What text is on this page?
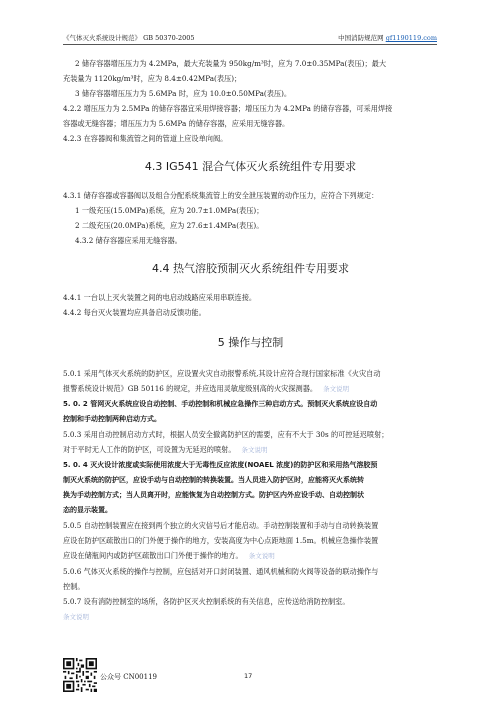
《气体灭火系统设计规范》 GB 50370-2005	中国消防规范网 gf1190119.com

2 储存容器增压压力为 4.2MPa，最大充装量为 950kg/m³时，应为 7.0±0.35MPa(表压)；最大

充装量为 1120kg/m³时，应为 8.4±0.42MPa(表压)；

3 储存容器增压压力为 5.6MPa 时，应为 10.0±0.50MPa(表压)。

4.2.2 增压压力为 2.5MPa 的储存容器宜采用焊接容器；增压压力为 4.2MPa 的储存容器，可采用焊接

容器或无缝容器；增压压力为 5.6MPa 的储存容器，应采用无缝容器。

4.2.3 在容器阀和集流管之间的管道上应设单向阀。

4.3 IG541 混合气体灭火系统组件专用要求

4.3.1 储存容器或容器阀以及组合分配系统集流管上的安全泄压装置的动作压力，应符合下列规定：

1 一级充压(15.0MPa)系统，应为 20.7±1.0MPa(表压)；

2 二级充压(20.0MPa)系统，应为 27.6±1.4MPa(表压)。

4.3.2 储存容器应采用无缝容器。

4.4 热气溶胶预制灭火系统组件专用要求

4.4.1 一台以上灭火装置之间的电启动线路应采用串联连接。

4.4.2 每台灭火装置均应具备启动反馈功能。

5 操作与控制

5.0.1 采用气体灭火系统的防护区，应设置火灾自动报警系统,其设计应符合现行国家标准《火灾自动

报警系统设计规范》GB 50116 的规定，并应选用灵敏度级别高的火灾探测器。 条文说明

5. 0. 2 管网灭火系统应设自动控制、手动控制和机械应急操作三种启动方式。预制灭火系统应设自动

控制和手动控制两种启动方式。

5.0.3 采用自动控制启动方式时，根据人员安全撤离防护区的需要，应有不大于 30s 的可控延迟喷射；

对于平时无人工作的防护区，可设置为无延迟的喷射。 条文说明

5. 0. 4 灭火设计浓度或实际使用浓度大于无毒性反应浓度(NOAEL 浓度)的防护区和采用热气溶胶预

制灭火系统的防护区，应设手动与自动控制的转换装置。当人员进入防护区时，应能将灭火系统转

换为手动控制方式；当人员离开时，应能恢复为自动控制方式。防护区内外应设手动、自动控制状

态的显示装置。

5.0.5 自动控制装置应在接到两个独立的火灾信号后才能启动。手动控制装置和手动与自动转换装置

应设在防护区疏散出口的门外便于操作的地方，安装高度为中心点距地面 1.5m。机械应急操作装置

应设在储瓶间内或防护区疏散出口门外便于操作的地方。 条文说明

5.0.6 气体灭火系统的操作与控制，应包括对开口封闭装置、通风机械和防火阀等设备的联动操作与

控制。

5.0.7 设有消防控制室的场所，各防护区灭火控制系统的有关信息，应传送给消防控制室。

条文说明

公众号 CN00119	17
